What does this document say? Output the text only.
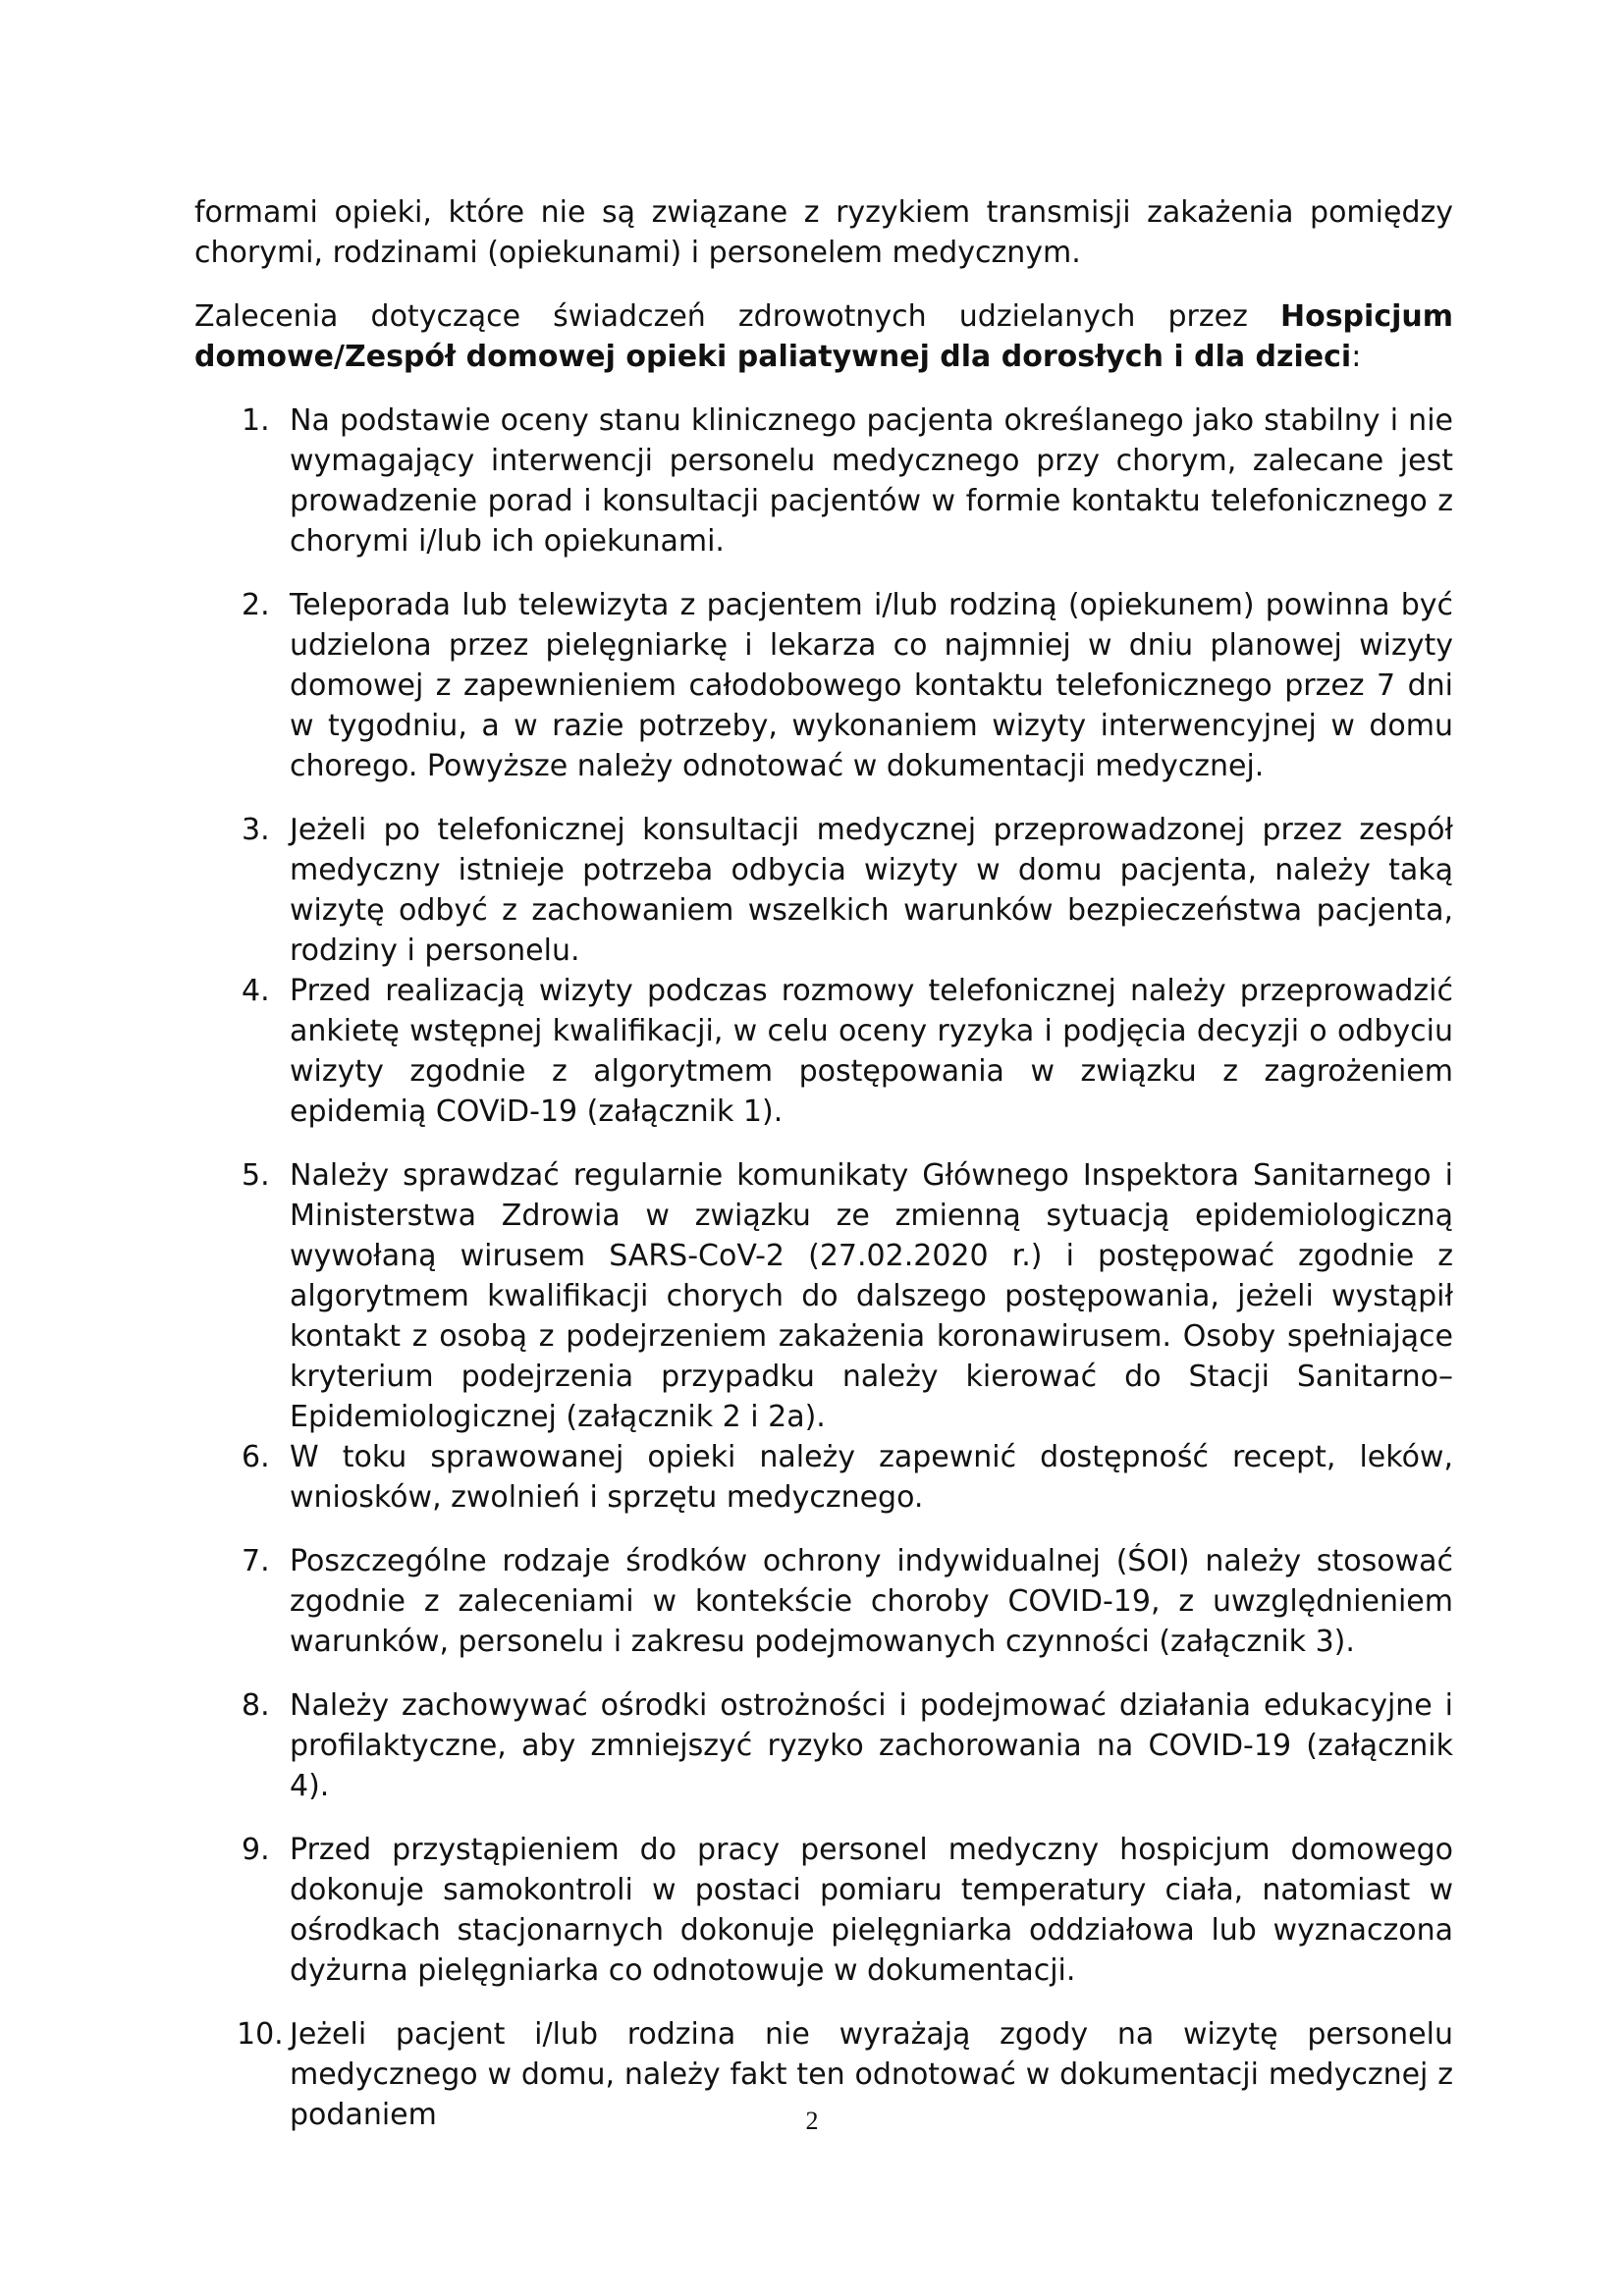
formami opieki, które nie są związane z ryzykiem transmisji zakażenia pomiędzy chorymi, rodzinami (opiekunami) i personelem medycznym.

Zalecenia dotyczące świadczeń zdrowotnych udzielanych przez Hospicjum domowe/Zespół domowej opieki paliatywnej dla dorosłych i dla dzieci:

1. Na podstawie oceny stanu klinicznego pacjenta określanego jako stabilny i nie wymagający interwencji personelu medycznego przy chorym, zalecane jest prowadzenie porad i konsultacji pacjentów w formie kontaktu telefonicznego z chorymi i/lub ich opiekunami.
2. Teleporada lub telewizyta z pacjentem i/lub rodziną (opiekunem) powinna być udzielona przez pielęgniarkę i lekarza co najmniej w dniu planowej wizyty domowej z zapewnieniem całodobowego kontaktu telefonicznego przez 7 dni w tygodniu, a w razie potrzeby, wykonaniem wizyty interwencyjnej w domu chorego. Powyższe należy odnotować w dokumentacji medycznej.
3. Jeżeli po telefonicznej konsultacji medycznej przeprowadzonej przez zespół medyczny istnieje potrzeba odbycia wizyty w domu pacjenta, należy taką wizytę odbyć z zachowaniem wszelkich warunków bezpieczeństwa pacjenta, rodziny i personelu.
4. Przed realizacją wizyty podczas rozmowy telefonicznej należy przeprowadzić ankietę wstępnej kwalifikacji, w celu oceny ryzyka i podjęcia decyzji o odbyciu wizyty zgodnie z algorytmem postępowania w związku z zagrożeniem epidemią COViD-19 (załącznik 1).
5. Należy sprawdzać regularnie komunikaty Głównego Inspektora Sanitarnego i Ministerstwa Zdrowia w związku ze zmienną sytuacją epidemiologiczną wywołaną wirusem SARS-CoV-2 (27.02.2020 r.) i postępować zgodnie z algorytmem kwalifikacji chorych do dalszego postępowania, jeżeli wystąpił kontakt z osobą z podejrzeniem zakażenia koronawirusem. Osoby spełniające kryterium podejrzenia przypadku należy kierować do Stacji Sanitarno–Epidemiologicznej (załącznik 2 i 2a).
6. W toku sprawowanej opieki należy zapewnić dostępność recept, leków, wniosków, zwolnień i sprzętu medycznego.
7. Poszczególne rodzaje środków ochrony indywidualnej (ŚOI) należy stosować zgodnie z zaleceniami w kontekście choroby COVID-19, z uwzględnieniem warunków, personelu i zakresu podejmowanych czynności (załącznik 3).
8. Należy zachowywać ośrodki ostrożności i podejmować działania edukacyjne i profilaktyczne, aby zmniejszyć ryzyko zachorowania na COVID-19 (załącznik 4).
9. Przed przystąpieniem do pracy personel medyczny hospicjum domowego dokonuje samokontroli w postaci pomiaru temperatury ciała, natomiast w ośrodkach stacjonarnych dokonuje pielęgniarka oddziałowa lub wyznaczona dyżurna pielęgniarka co odnotowuje w dokumentacji.
10. Jeżeli pacjent i/lub rodzina nie wyrażają zgody na wizytę personelu medycznego w domu, należy fakt ten odnotować w dokumentacji medycznej z podaniem	2
